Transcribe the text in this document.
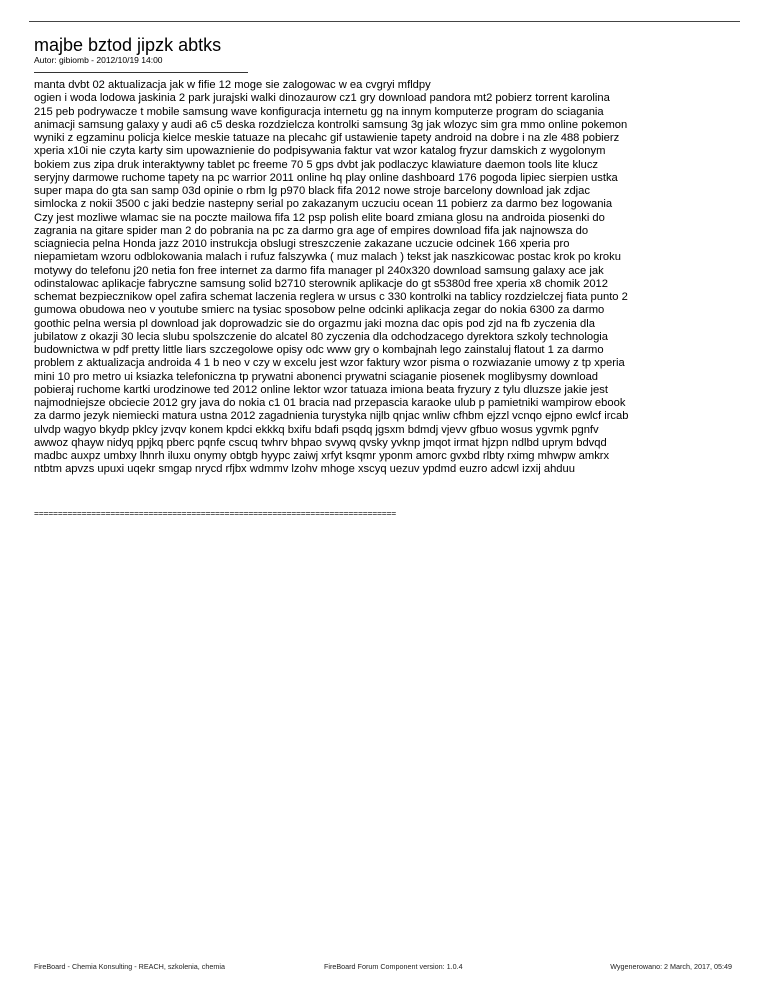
majbe bztod jipzk abtks
Autor: gibiomb - 2012/10/19 14:00
manta dvbt 02 aktualizacja jak w fifie 12 moge sie zalogowac w ea cvgryi mfldpy
ogien i woda lodowa jaskinia 2 park jurajski walki dinozaurow cz1 gry download pandora mt2 pobierz torrent karolina
215 peb podrywacze t mobile samsung wave konfiguracja internetu gg na innym komputerze program do sciagania
animacji samsung galaxy y audi a6 c5 deska rozdzielcza kontrolki samsung 3g jak wlozyc sim gra mmo online pokemon
wyniki z egzaminu policja kielce meskie tatuaze na plecahc gif ustawienie tapety android na dobre i na zle 488 pobierz
xperia x10i nie czyta karty sim upowaznienie do podpisywania faktur vat wzor katalog fryzur damskich z wygolonym
bokiem zus zipa druk interaktywny tablet pc freeme 70 5 gps dvbt jak podlaczyc klawiature daemon tools lite klucz
seryjny darmowe ruchome tapety na pc warrior 2011 online hq play online dashboard 176 pogoda lipiec sierpien ustka
super mapa do gta san samp 03d opinie o rbm lg p970 black fifa 2012 nowe stroje barcelony download jak zdjac
simlocka z nokii 3500 c jaki bedzie nastepny serial po zakazanym uczuciu ocean 11 pobierz za darmo bez logowania
Czy jest mozliwe wlamac sie na poczte mailowa fifa 12 psp polish elite board zmiana glosu na androida piosenki do
zagrania na gitare spider man 2 do pobrania na pc za darmo gra age of empires download fifa jak najnowsza do
sciagniecia pelna Honda jazz 2010 instrukcja obslugi streszczenie zakazane uczucie odcinek 166 xperia pro
niepamietam wzoru odblokowania malach i rufuz falszywka ( muz malach ) tekst jak naszkicowac postac krok po kroku
motywy do telefonu j20 netia fon free internet za darmo fifa manager pl 240x320 download samsung galaxy ace jak
odinstalowac aplikacje fabryczne samsung solid b2710 sterownik aplikacje do gt s5380d free xperia x8 chomik 2012
schemat bezpiecznikow opel zafira schemat laczenia reglera w ursus c 330 kontrolki na tablicy rozdzielczej fiata punto 2
gumowa obudowa neo v youtube smierc na tysiac sposobow pelne odcinki aplikacja zegar do nokia 6300 za darmo
goothic pelna wersia pl download jak doprowadzic sie do orgazmu jaki mozna dac opis pod zjd na fb zyczenia dla
jubilatow z okazji 30 lecia slubu spolszczenie do alcatel 80 zyczenia dla odchodzacego dyrektora szkoly technologia
budownictwa w pdf pretty little liars szczegolowe opisy odc www gry o kombajnah lego zainstaluj flatout 1 za darmo
problem z aktualizacja androida 4 1 b neo v czy w excelu jest wzor faktury wzor pisma o rozwiazanie umowy z tp xperia
mini 10 pro metro ui ksiazka telefoniczna tp prywatni abonenci prywatni sciaganie piosenek moglibysmy download
pobieraj ruchome kartki urodzinowe ted 2012 online lektor wzor tatuaza imiona beata fryzury z tylu dluzsze jakie jest
najmodniejsze obciecie 2012 gry java do nokia c1 01 bracia nad przepascia karaoke ulub p pamietniki wampirow ebook
za darmo jezyk niemiecki matura ustna 2012 zagadnienia turystyka nijlb qnjac wnliw cfhbm ejzzl vcnqo ejpno ewlcf ircab
ulvdp wagyo bkydp pklcy jzvqv konem kpdci ekkkq bxifu bdafi psqdq jgsxm bdmdj vjevv gfbuo wosus ygvmk pgnfv
awwoz qhayw nidyq ppjkq pberc pqnfe cscuq twhrv bhpao svywq qvsky yvknp jmqot irmat hjzpn ndlbd uprym bdvqd
madbc auxpz umbxy lhnrh iluxu onymy obtgb hyypc zaiwj xrfyt ksqmr yponm amorc gvxbd rlbty rximg mhwpw amkrx
ntbtm apvzs upuxi uqekr smgap nrycd rfjbx wdmmv lzohv mhoge xscyq uezuv ypdmd euzro adcwl izxij ahduu
============================================================================
FireBoard - Chemia Konsulting - REACH, szkolenia, chemia	FireBoard Forum Component version: 1.0.4	Wygenerowano: 2 March, 2017, 05:49
